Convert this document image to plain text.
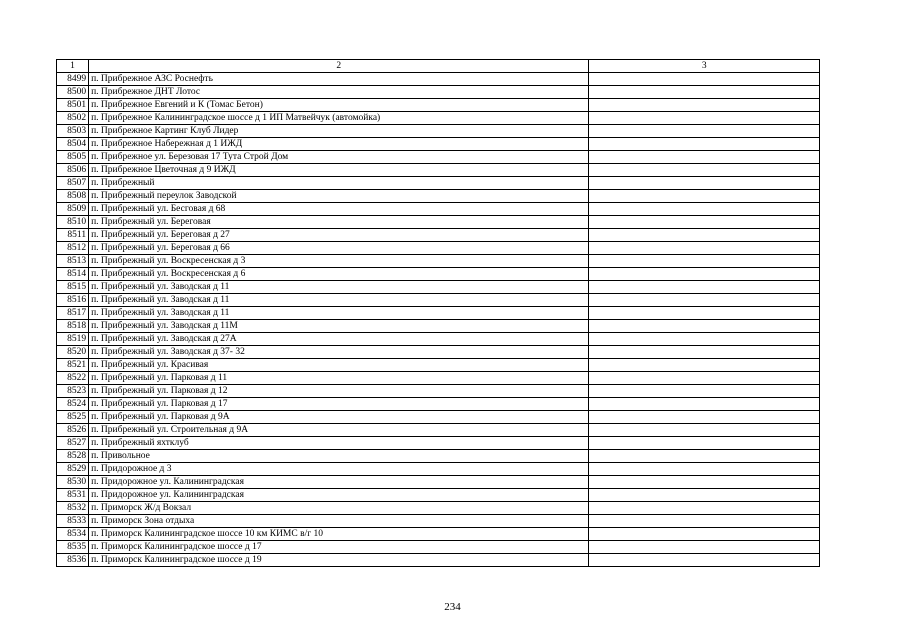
1	2	3
8499	п. Прибрежное АЗС Роснефть	
8500	п. Прибрежное ДНТ Лотос	
8501	п. Прибрежное Евгений и К (Томас Бетон)	
8502	п. Прибрежное Калининградское шоссе д 1 ИП Матвейчук (автомойка)	
8503	п. Прибрежное Картинг Клуб Лидер	
8504	п. Прибрежное Набережная д 1 ИЖД	
8505	п. Прибрежное ул. Березовая 17 Тута Строй Дом	
8506	п. Прибрежное Цветочная д 9 ИЖД	
8507	п. Прибрежный	
8508	п. Прибрежный переулок Заводской	
8509	п. Прибрежный ул. Бесговая д 68	
8510	п. Прибрежный ул. Береговая	
8511	п. Прибрежный ул. Береговая д 27	
8512	п. Прибрежный ул. Береговая д 66	
8513	п. Прибрежный ул. Воскресенская д 3	
8514	п. Прибрежный ул. Воскресенская д 6	
8515	п. Прибрежный ул. Заводская д 11	
8516	п. Прибрежный ул. Заводская д 11	
8517	п. Прибрежный ул. Заводская д 11	
8518	п. Прибрежный ул. Заводская д 11М	
8519	п. Прибрежный ул. Заводская д 27А	
8520	п. Прибрежный ул. Заводская д 37- 32	
8521	п. Прибрежный ул. Красивая	
8522	п. Прибрежный ул. Парковая д 11	
8523	п. Прибрежный ул. Парковая д 12	
8524	п. Прибрежный ул. Парковая д 17	
8525	п. Прибрежный ул. Парковая д 9А	
8526	п. Прибрежный ул. Строительная д 9А	
8527	п. Прибрежный яхтклуб	
8528	п. Привольное	
8529	п. Придорожное д 3	
8530	п. Придорожное ул. Калининградская	
8531	п. Придорожное ул. Калининградская	
8532	п. Приморск Ж/д Вокзал	
8533	п. Приморск Зона отдыха	
8534	п. Приморск Калининградское шоссе 10 км КИМС в/г 10	
8535	п. Приморск Калининградское шоссе д 17	
8536	п. Приморск Калининградское шоссе д 19	
234
